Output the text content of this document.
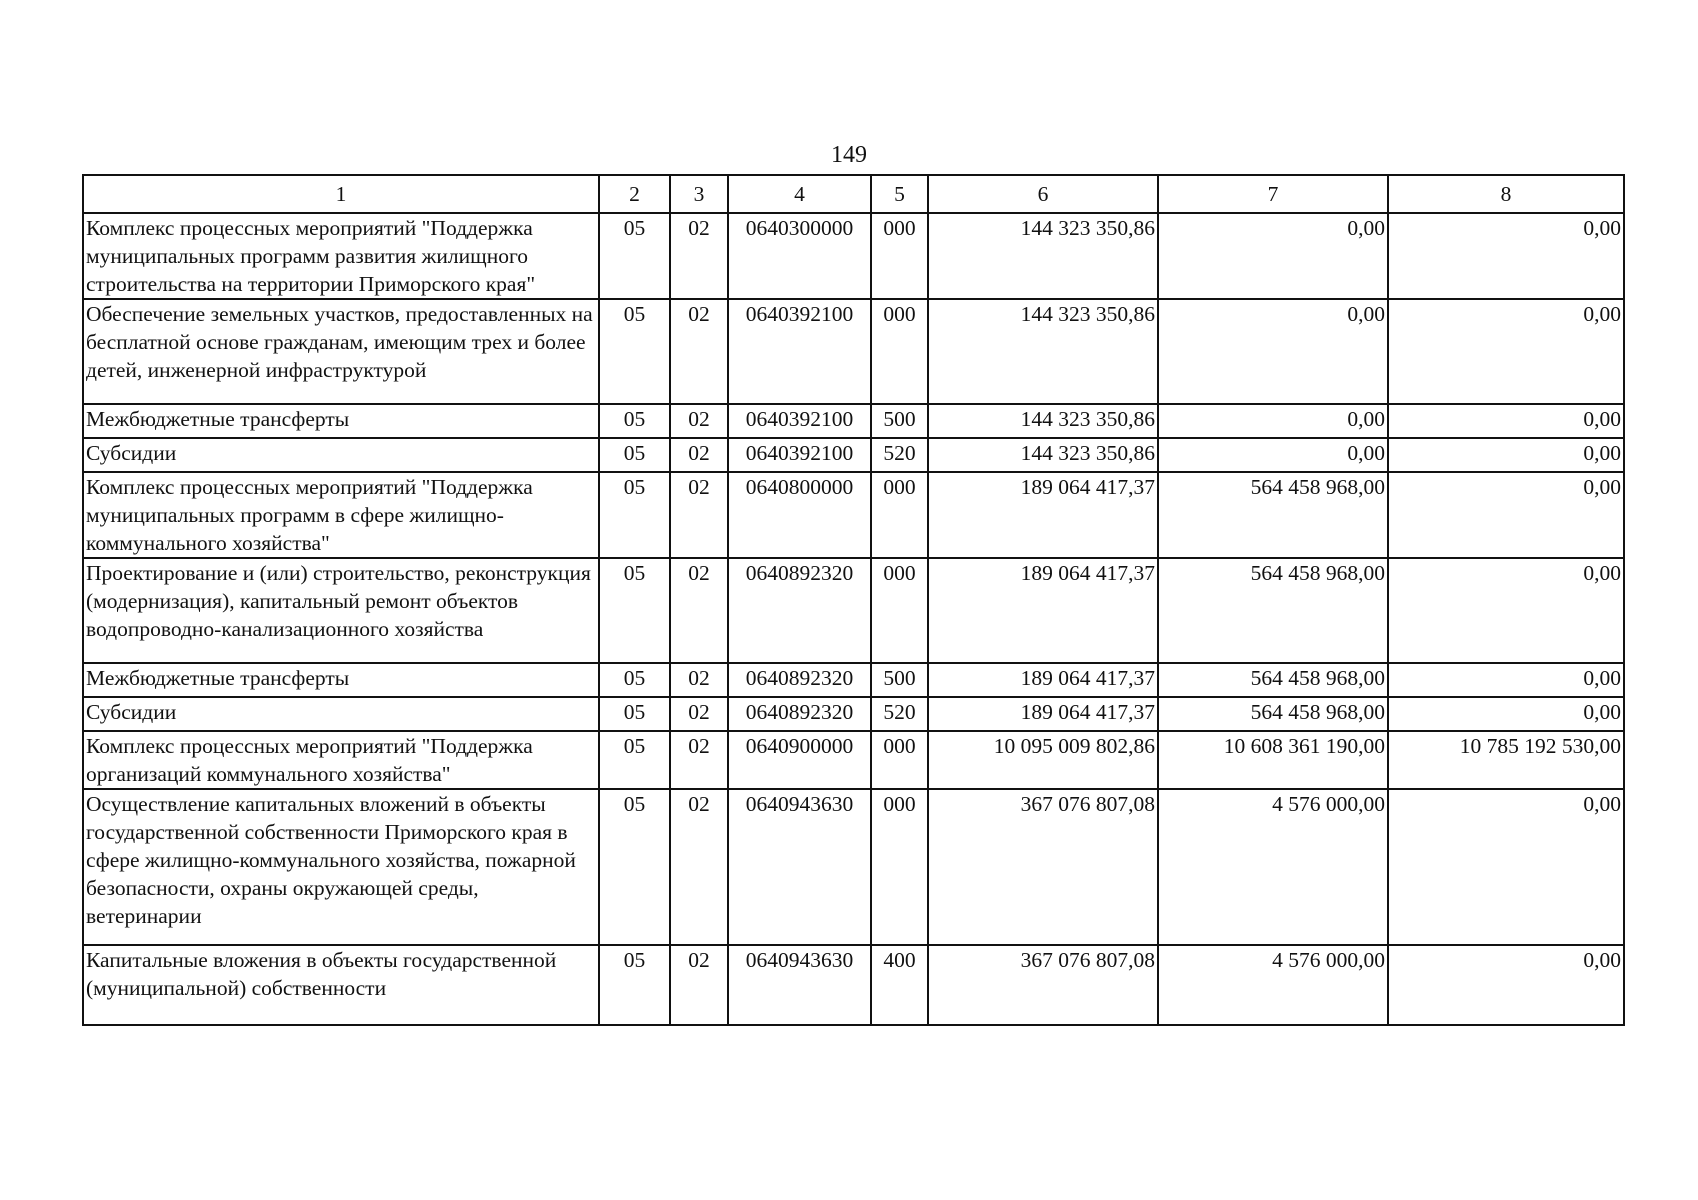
149
1	2	3	4	5	6	7	8
Комплекс процессных мероприятий "Поддержка муниципальных программ развития жилищного строительства на территории Приморского края"	05	02	0640300000	000	144 323 350,86	0,00	0,00
Обеспечение земельных участков, предоставленных на бесплатной основе гражданам, имеющим трех и более детей, инженерной инфраструктурой	05	02	0640392100	000	144 323 350,86	0,00	0,00
Межбюджетные трансферты	05	02	0640392100	500	144 323 350,86	0,00	0,00
Субсидии	05	02	0640392100	520	144 323 350,86	0,00	0,00
Комплекс процессных мероприятий "Поддержка муниципальных программ в сфере жилищно-коммунального хозяйства"	05	02	0640800000	000	189 064 417,37	564 458 968,00	0,00
Проектирование и (или) строительство, реконструкция (модернизация), капитальный ремонт объектов водопроводно-канализационного хозяйства	05	02	0640892320	000	189 064 417,37	564 458 968,00	0,00
Межбюджетные трансферты	05	02	0640892320	500	189 064 417,37	564 458 968,00	0,00
Субсидии	05	02	0640892320	520	189 064 417,37	564 458 968,00	0,00
Комплекс процессных мероприятий "Поддержка организаций коммунального хозяйства"	05	02	0640900000	000	10 095 009 802,86	10 608 361 190,00	10 785 192 530,00
Осуществление капитальных вложений в объекты государственной собственности Приморского края в сфере жилищно-коммунального хозяйства, пожарной безопасности, охраны окружающей среды, ветеринарии	05	02	0640943630	000	367 076 807,08	4 576 000,00	0,00
Капитальные вложения в объекты государственной (муниципальной) собственности	05	02	0640943630	400	367 076 807,08	4 576 000,00	0,00
